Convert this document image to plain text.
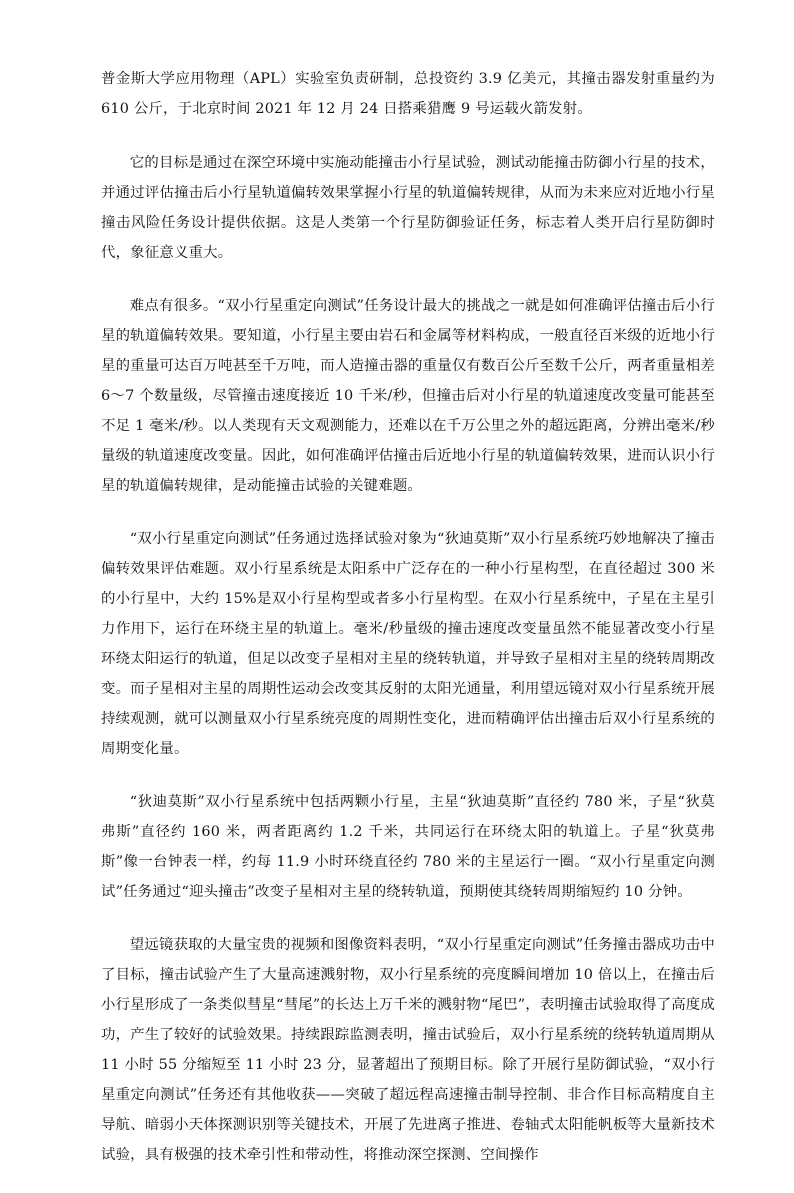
普金斯大学应用物理（APL）实验室负责研制，总投资约 3.9 亿美元，其撞击器发射重量约为 610 公斤，于北京时间 2021 年 12 月 24 日搭乘猎鹰 9 号运载火箭发射。

它的目标是通过在深空环境中实施动能撞击小行星试验，测试动能撞击防御小行星的技术，并通过评估撞击后小行星轨道偏转效果掌握小行星的轨道偏转规律，从而为未来应对近地小行星撞击风险任务设计提供依据。这是人类第一个行星防御验证任务，标志着人类开启行星防御时代，象征意义重大。

难点有很多。“双小行星重定向测试”任务设计最大的挑战之一就是如何准确评估撞击后小行星的轨道偏转效果。要知道，小行星主要由岩石和金属等材料构成，一般直径百米级的近地小行星的重量可达百万吨甚至千万吨，而人造撞击器的重量仅有数百公斤至数千公斤，两者重量相差 6～7 个数量级，尽管撞击速度接近 10 千米/秒，但撞击后对小行星的轨道速度改变量可能甚至不足 1 毫米/秒。以人类现有天文观测能力，还难以在千万公里之外的超远距离，分辨出毫米/秒量级的轨道速度改变量。因此，如何准确评估撞击后近地小行星的轨道偏转效果，进而认识小行星的轨道偏转规律，是动能撞击试验的关键难题。

“双小行星重定向测试”任务通过选择试验对象为“狄迪莫斯”双小行星系统巧妙地解决了撞击偏转效果评估难题。双小行星系统是太阳系中广泛存在的一种小行星构型，在直径超过 300 米的小行星中，大约 15%是双小行星构型或者多小行星构型。在双小行星系统中，子星在主星引力作用下，运行在环绕主星的轨道上。毫米/秒量级的撞击速度改变量虽然不能显著改变小行星环绕太阳运行的轨道，但足以改变子星相对主星的绕转轨道，并导致子星相对主星的绕转周期改变。而子星相对主星的周期性运动会改变其反射的太阳光通量，利用望远镜对双小行星系统开展持续观测，就可以测量双小行星系统亮度的周期性变化，进而精确评估出撞击后双小行星系统的周期变化量。

“狄迪莫斯”双小行星系统中包括两颗小行星，主星“狄迪莫斯”直径约 780 米，子星“狄莫弗斯”直径约 160 米，两者距离约 1.2 千米，共同运行在环绕太阳的轨道上。子星“狄莫弗斯”像一台钟表一样，约每 11.9 小时环绕直径约 780 米的主星运行一圈。“双小行星重定向测试”任务通过“迎头撞击”改变子星相对主星的绕转轨道，预期使其绕转周期缩短约 10 分钟。

望远镜获取的大量宝贵的视频和图像资料表明，“双小行星重定向测试”任务撞击器成功击中了目标，撞击试验产生了大量高速溅射物，双小行星系统的亮度瞬间增加 10 倍以上，在撞击后小行星形成了一条类似彗星“彗尾”的长达上万千米的溅射物“尾巴”，表明撞击试验取得了高度成功，产生了较好的试验效果。持续跟踪监测表明，撞击试验后，双小行星系统的绕转轨道周期从 11 小时 55 分缩短至 11 小时 23 分，显著超出了预期目标。除了开展行星防御试验，“双小行星重定向测试”任务还有其他收获——突破了超远程高速撞击制导控制、非合作目标高精度自主导航、暗弱小天体探测识别等关键技术，开展了先进离子推进、卷轴式太阳能帆板等大量新技术试验，具有极强的技术牵引性和带动性，将推动深空探测、空间操作
